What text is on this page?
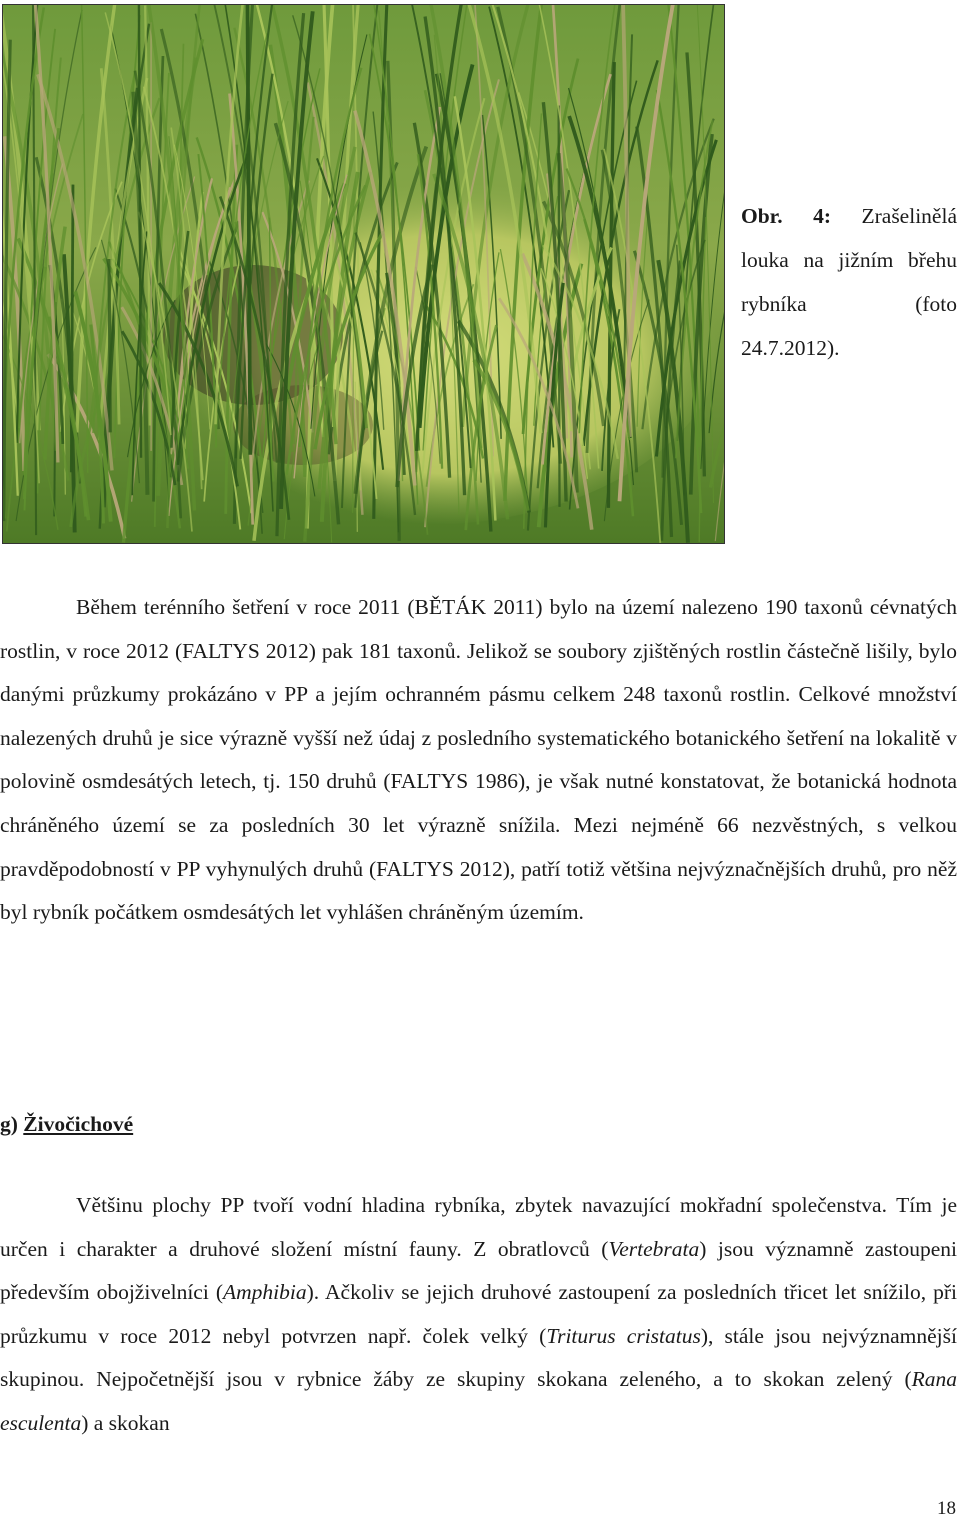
Obr. 4: Zrašelinělá louka na jižním břehu rybníka (foto 24.7.2012).

Během terénního šetření v roce 2011 (BĚTÁK 2011) bylo na území nalezeno 190 taxonů cévnatých rostlin, v roce 2012 (FALTYS 2012) pak 181 taxonů. Jelikož se soubory zjištěných rostlin částečně lišily, bylo danými průzkumy prokázáno v PP a jejím ochranném pásmu celkem 248 taxonů rostlin. Celkové množství nalezených druhů je sice výrazně vyšší než údaj z posledního systematického botanického šetření na lokalitě v polovině osmdesátých letech, tj. 150 druhů (FALTYS 1986), je však nutné konstatovat, že botanická hodnota chráněného území se za posledních 30 let výrazně snížila. Mezi nejméně 66 nezvěstných, s velkou pravděpodobností v PP vyhynulých druhů (FALTYS 2012), patří totiž většina nejvýznačnějších druhů, pro něž byl rybník počátkem osmdesátých let vyhlášen chráněným územím.

g) Živočichové

Většinu plochy PP tvoří vodní hladina rybníka, zbytek navazující mokřadní společenstva. Tím je určen i charakter a druhové složení místní fauny. Z obratlovců (Vertebrata) jsou významně zastoupeni především obojživelníci (Amphibia). Ačkoliv se jejich druhové zastoupení za posledních třicet let snížilo, při průzkumu v roce 2012 nebyl potvrzen např. čolek velký (Triturus cristatus), stále jsou nejvýznamnější skupinou. Nejpočetnější jsou v rybnice žáby ze skupiny skokana zeleného, a to skokan zelený (Rana esculenta) a skokan

18
